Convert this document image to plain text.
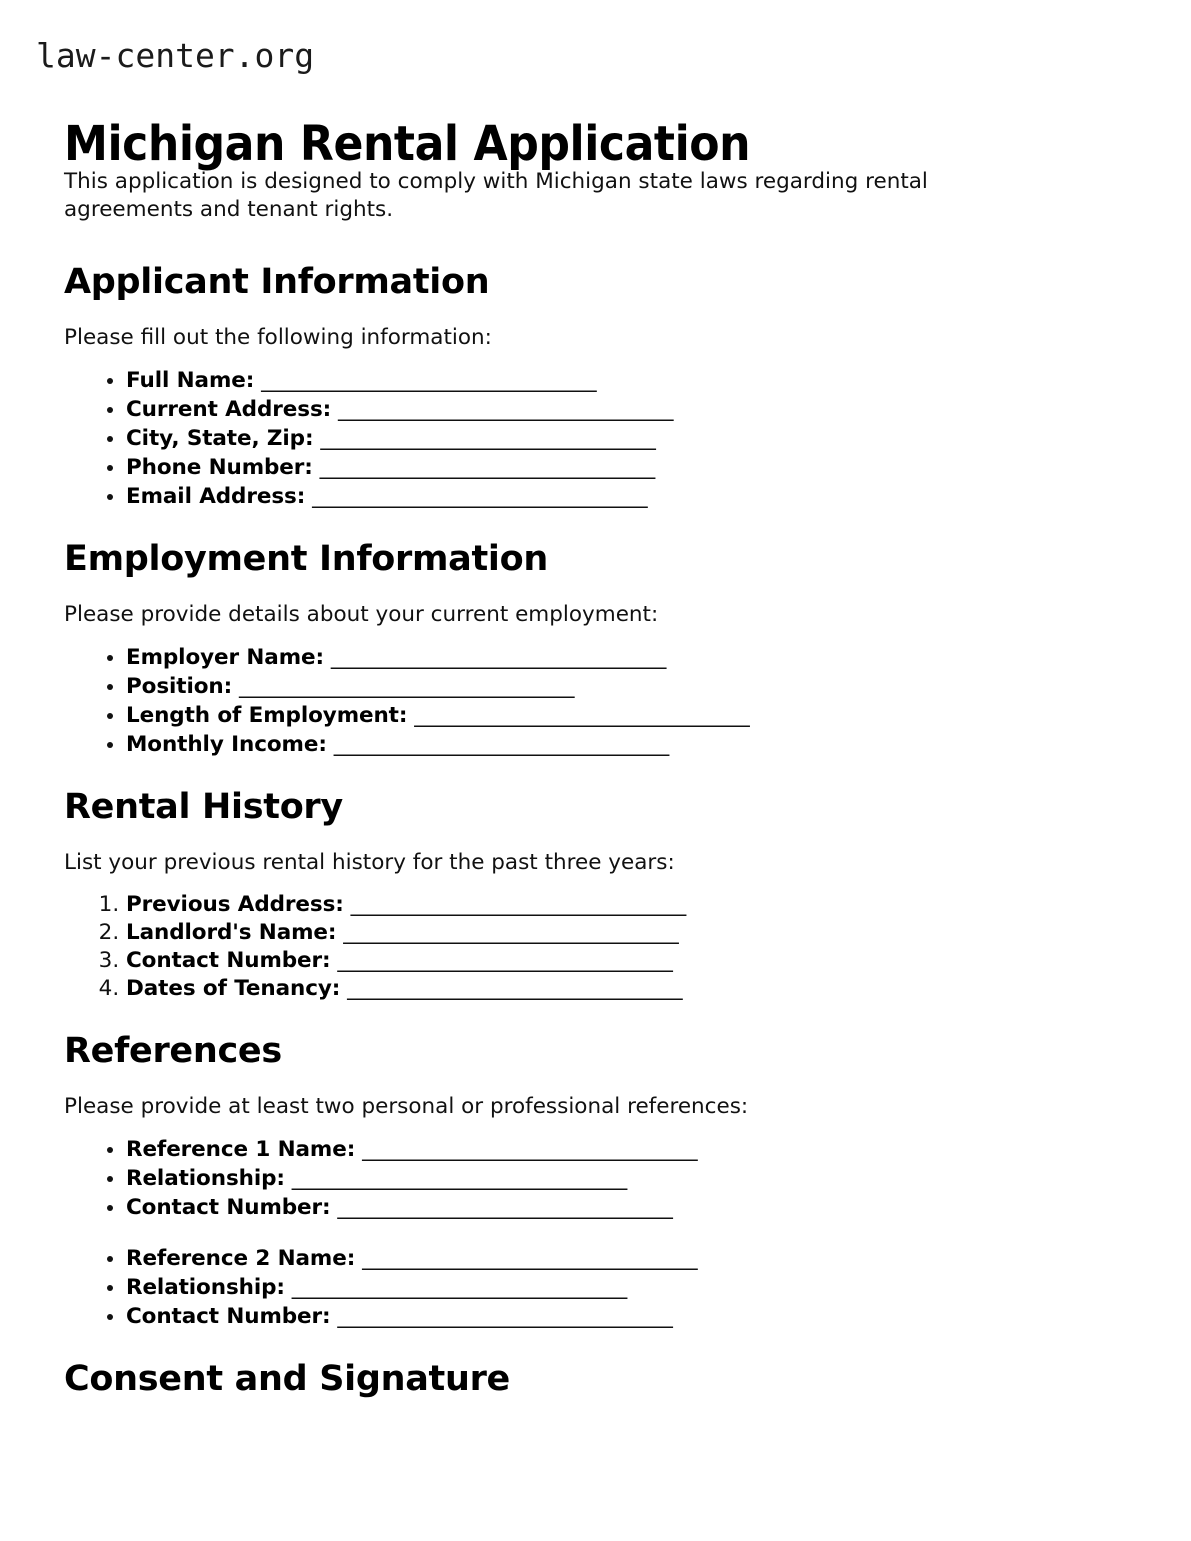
law-center.org
Michigan Rental Application

This application is designed to comply with Michigan state laws regarding rental agreements and tenant rights.

Applicant Information

Please fill out the following information:

• Full Name: _________________________________
• Current Address: _________________________________
• City, State, Zip: _________________________________
• Phone Number: _________________________________
• Email Address: _________________________________
Employment Information

Please provide details about your current employment:

• Employer Name: _________________________________
• Position: _________________________________
• Length of Employment: _________________________________
• Monthly Income: _________________________________
Rental History

List your previous rental history for the past three years:

1. Previous Address: _________________________________
2. Landlord's Name: _________________________________
3. Contact Number: _________________________________
4. Dates of Tenancy: _________________________________
References

Please provide at least two personal or professional references:

• Reference 1 Name: _________________________________
• Relationship: _________________________________
• Contact Number: _________________________________
• Reference 2 Name: _________________________________
• Relationship: _________________________________
• Contact Number: _________________________________
Consent and Signature
